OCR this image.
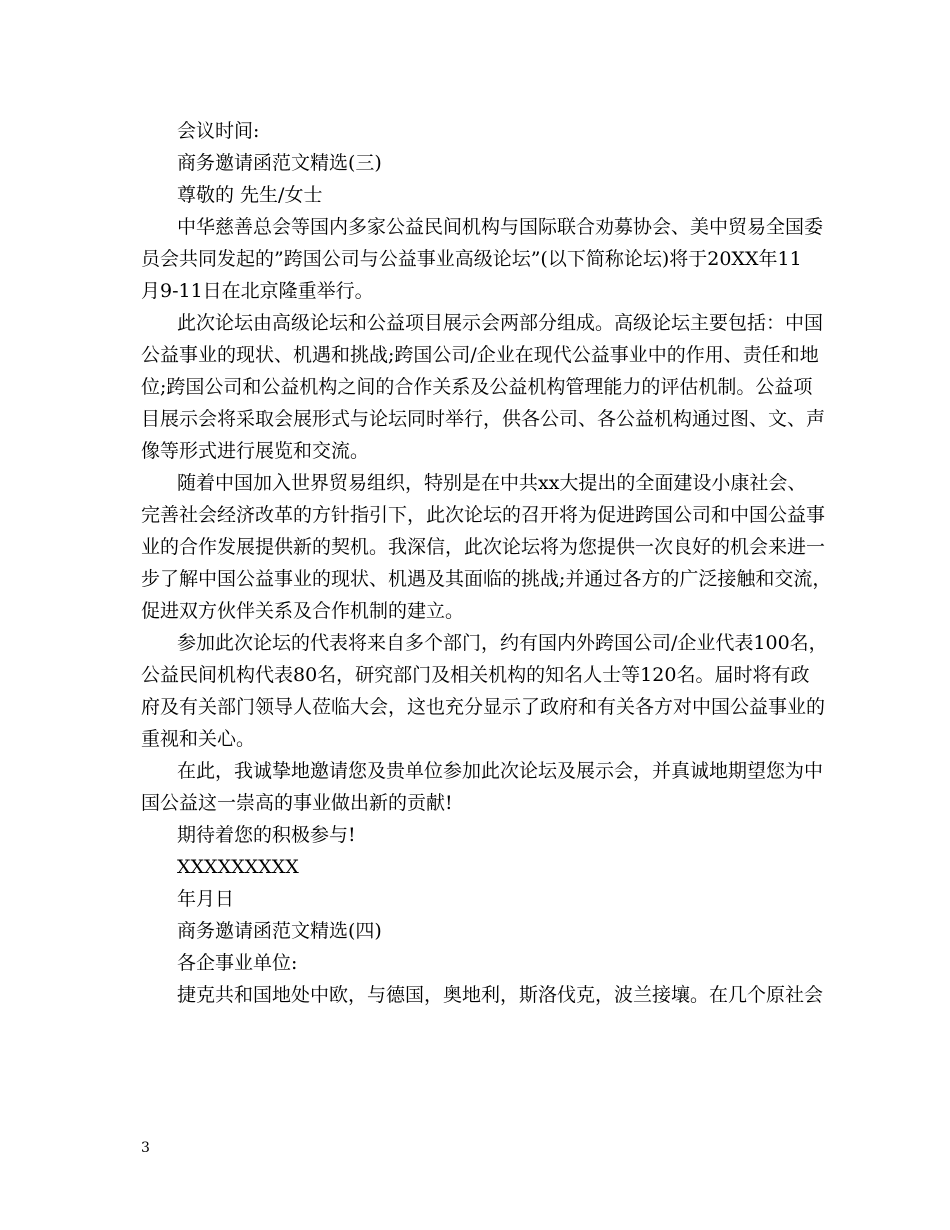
会议时间:
商务邀请函范文精选(三)
尊敬的 先生/女士
中华慈善总会等国内多家公益民间机构与国际联合劝募协会、美中贸易全国委
员会共同发起的”跨国公司与公益事业高级论坛”(以下简称论坛)将于20XX年11
月9-11日在北京隆重举行。
此次论坛由高级论坛和公益项目展示会两部分组成。高级论坛主要包括：中国
公益事业的现状、机遇和挑战;跨国公司/企业在现代公益事业中的作用、责任和地
位;跨国公司和公益机构之间的合作关系及公益机构管理能力的评估机制。公益项
目展示会将采取会展形式与论坛同时举行，供各公司、各公益机构通过图、文、声
像等形式进行展览和交流。
随着中国加入世界贸易组织，特别是在中共xx大提出的全面建设小康社会、
完善社会经济改革的方针指引下，此次论坛的召开将为促进跨国公司和中国公益事
业的合作发展提供新的契机。我深信，此次论坛将为您提供一次良好的机会来进一
步了解中国公益事业的现状、机遇及其面临的挑战;并通过各方的广泛接触和交流，
促进双方伙伴关系及合作机制的建立。
参加此次论坛的代表将来自多个部门，约有国内外跨国公司/企业代表100名，
公益民间机构代表80名，研究部门及相关机构的知名人士等120名。届时将有政
府及有关部门领导人莅临大会，这也充分显示了政府和有关各方对中国公益事业的
重视和关心。
在此，我诚挚地邀请您及贵单位参加此次论坛及展示会，并真诚地期望您为中
国公益这一崇高的事业做出新的贡献!
期待着您的积极参与!
XXXXXXXXX
年月日
商务邀请函范文精选(四)
各企事业单位:
捷克共和国地处中欧，与德国，奥地利，斯洛伐克，波兰接壤。在几个原社会
3
